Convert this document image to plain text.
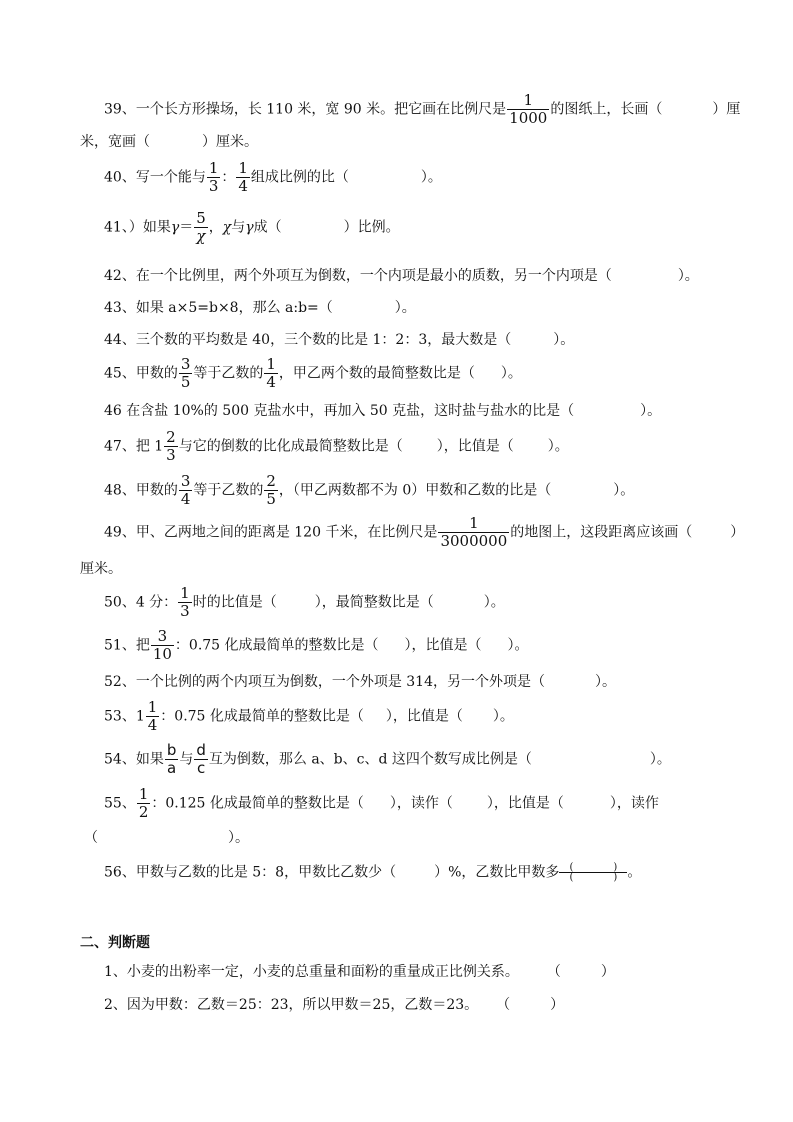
39、一个长方形操场，长 110 米，宽 90 米。把它画在比例尺是 $\frac{1}{1000}$ 的图纸上，长画（	）厘
米，宽画（	）厘米。
40、写一个能与 $\frac{1}{3}$ ： $\frac{1}{4}$ 组成比例的比（	）。
41、）如果$\gamma= \frac{5}{\chi}$ ，χ与γ成（	）比例。
42、在一个比例里，两个外项互为倒数，一个内项是最小的质数，另一个内项是（	）。
43、如果 a×5=b×8，那么 a:b=（	）。
44、三个数的平均数是 40，三个数的比是 1：2：3，最大数是（	）。
45、甲数的 $\frac{3}{5}$ 等于乙数的 $\frac{1}{4}$ ，甲乙两个数的最简整数比是（ ）。
46 在含盐 10%的 500 克盐水中，再加入 50 克盐，这时盐与盐水的比是（	）。
47、把 $1 \frac{2}{3}$ 与它的倒数的比化成最简整数比是（ ），比值是（ ）。
48、甲数的 $\frac{3}{4}$ 等于乙数的 $\frac{2}{5}$ ，（甲乙两数都不为 0）甲数和乙数的比是（	）。
49、甲、乙两地之间的距离是 120 千米，在比例尺是 $\frac{1}{3000000}$ 的地图上，这段距离应该画（	）
厘米。
50、4 分： $\frac{1}{3}$ 时的比值是（	），最简整数比是（	）。
51、把 $\frac{3}{10}$ ：0.75 化成最简单的整数比是（ ），比值是（ ）。
52、一个比例的两个内项互为倒数，一个外项是 314，另一个外项是（	）。
53、$1 \frac{1}{4}$ ：0.75 化成最简单的整数比是（ ），比值是（ ）。
54、如果 $\frac{b}{a}$ 与 $\frac{d}{c}$ 互为倒数，那么 a、b、c、d 这四个数写成比例是（	）。
55、 $\frac{1}{2}$ ：0.125 化成最简单的整数比是（ ），读作（ ），比值是（	），读作
（	）。
56、甲数与乙数的比是 5：8，甲数比乙数少（	）%，乙数比甲数多	(　　　　)
(　　　　) 。
二、判断题
1、小麦的出粉率一定，小麦的总重量和面粉的重量成正比例关系。 （	）
2、因为甲数：乙数＝25：23，所以甲数＝25，乙数＝23。 （	）
